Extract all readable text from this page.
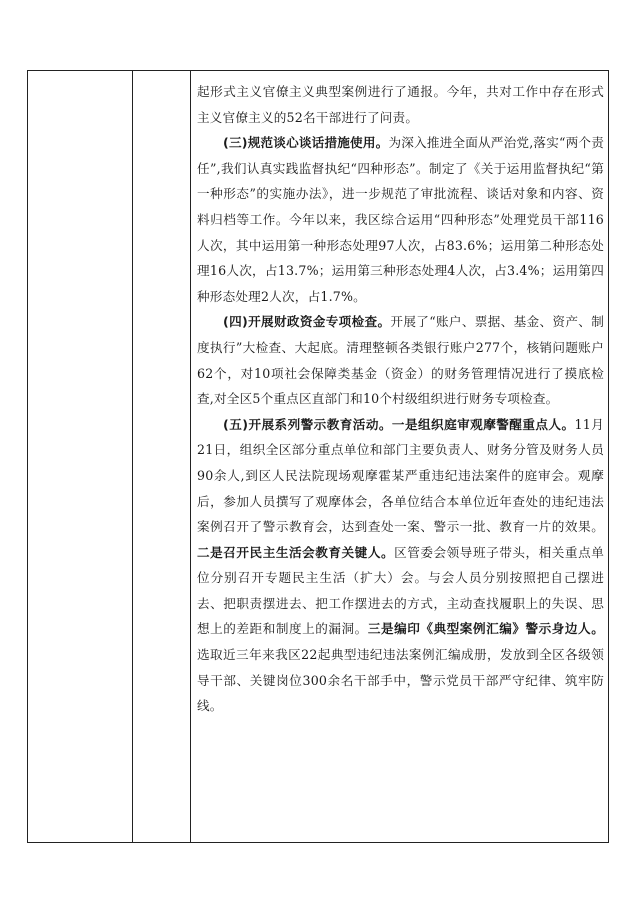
起形式主义官僚主义典型案例进行了通报。今年，共对工作中存在形式主义官僚主义的52名干部进行了问责。

(三)规范谈心谈话措施使用。为深入推进全面从严治党,落实“两个责任”,我们认真实践监督执纪“四种形态”。制定了《关于运用监督执纪“第一种形态”的实施办法》，进一步规范了审批流程、谈话对象和内容、资料归档等工作。今年以来，我区综合运用“四种形态”处理党员干部116人次，其中运用第一种形态处理97人次，占83.6%；运用第二种形态处理16人次，占13.7%；运用第三种形态处理4人次，占3.4%；运用第四种形态处理2人次，占1.7%。

(四)开展财政资金专项检查。开展了“账户、票据、基金、资产、制度执行”大检查、大起底。清理整顿各类银行账户277个，核销问题账户62个，对10项社会保障类基金（资金）的财务管理情况进行了摸底检查,对全区5个重点区直部门和10个村级组织进行财务专项检查。

(五)开展系列警示教育活动。一是组织庭审观摩警醒重点人。11月21日，组织全区部分重点单位和部门主要负责人、财务分管及财务人员90余人,到区人民法院现场观摩霍某严重违纪违法案件的庭审会。观摩后，参加人员撰写了观摩体会，各单位结合本单位近年查处的违纪违法案例召开了警示教育会，达到查处一案、警示一批、教育一片的效果。二是召开民主生活会教育关键人。区管委会领导班子带头，相关重点单位分别召开专题民主生活（扩大）会。与会人员分别按照把自己摆进去、把职责摆进去、把工作摆进去的方式，主动查找履职上的失误、思想上的差距和制度上的漏洞。三是编印《典型案例汇编》警示身边人。选取近三年来我区22起典型违纪违法案例汇编成册，发放到全区各级领导干部、关键岗位300余名干部手中，警示党员干部严守纪律、筑牢防线。
